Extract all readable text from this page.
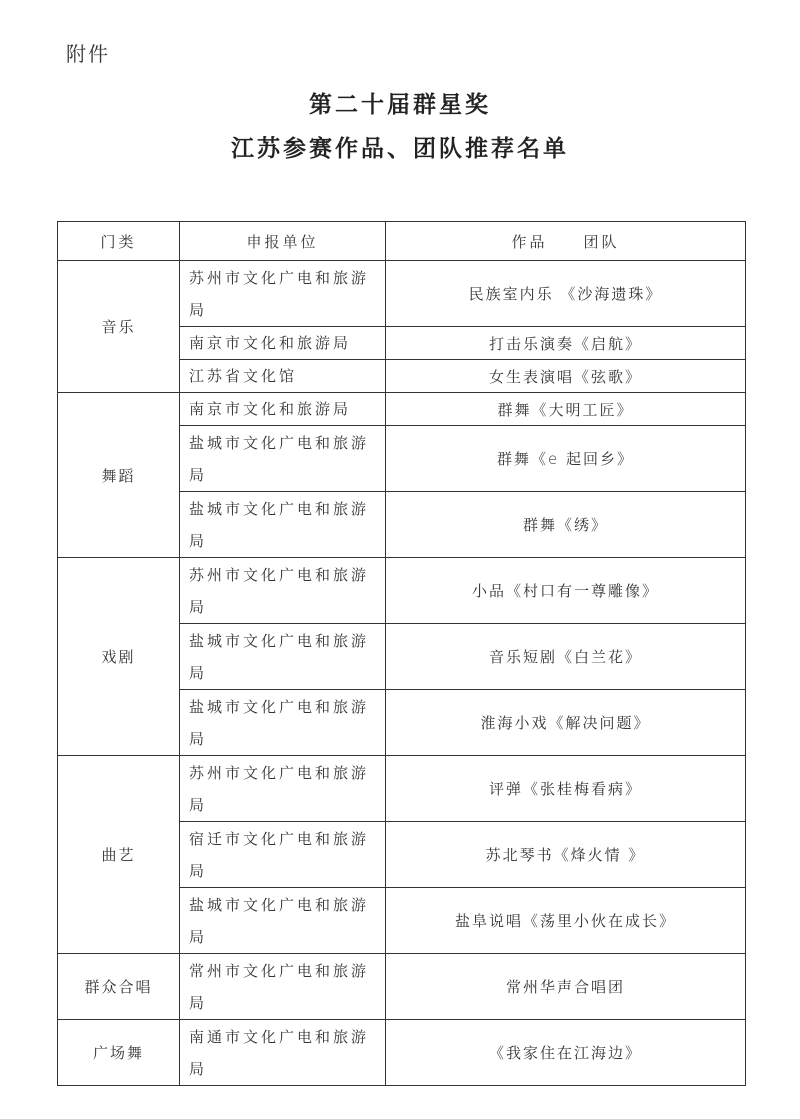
附件
第二十届群星奖
江苏参赛作品、团队推荐名单
门类	申报单位	作品　　团队
音乐	苏州市文化广电和旅游局	民族室内乐 《沙海遗珠》
	南京市文化和旅游局	打击乐演奏《启航》
	江苏省文化馆	女生表演唱《弦歌》
舞蹈	南京市文化和旅游局	群舞《大明工匠》
	盐城市文化广电和旅游局	群舞《e 起回乡》
	盐城市文化广电和旅游局	群舞《绣》
戏剧	苏州市文化广电和旅游局	小品《村口有一尊雕像》
	盐城市文化广电和旅游局	音乐短剧《白兰花》
	盐城市文化广电和旅游局	淮海小戏《解决问题》
曲艺	苏州市文化广电和旅游局	评弹《张桂梅看病》
	宿迁市文化广电和旅游局	苏北琴书《烽火情 》
	盐城市文化广电和旅游局	盐阜说唱《荡里小伙在成长》
群众合唱	常州市文化广电和旅游局	常州华声合唱团
广场舞	南通市文化广电和旅游局	《我家住在江海边》
